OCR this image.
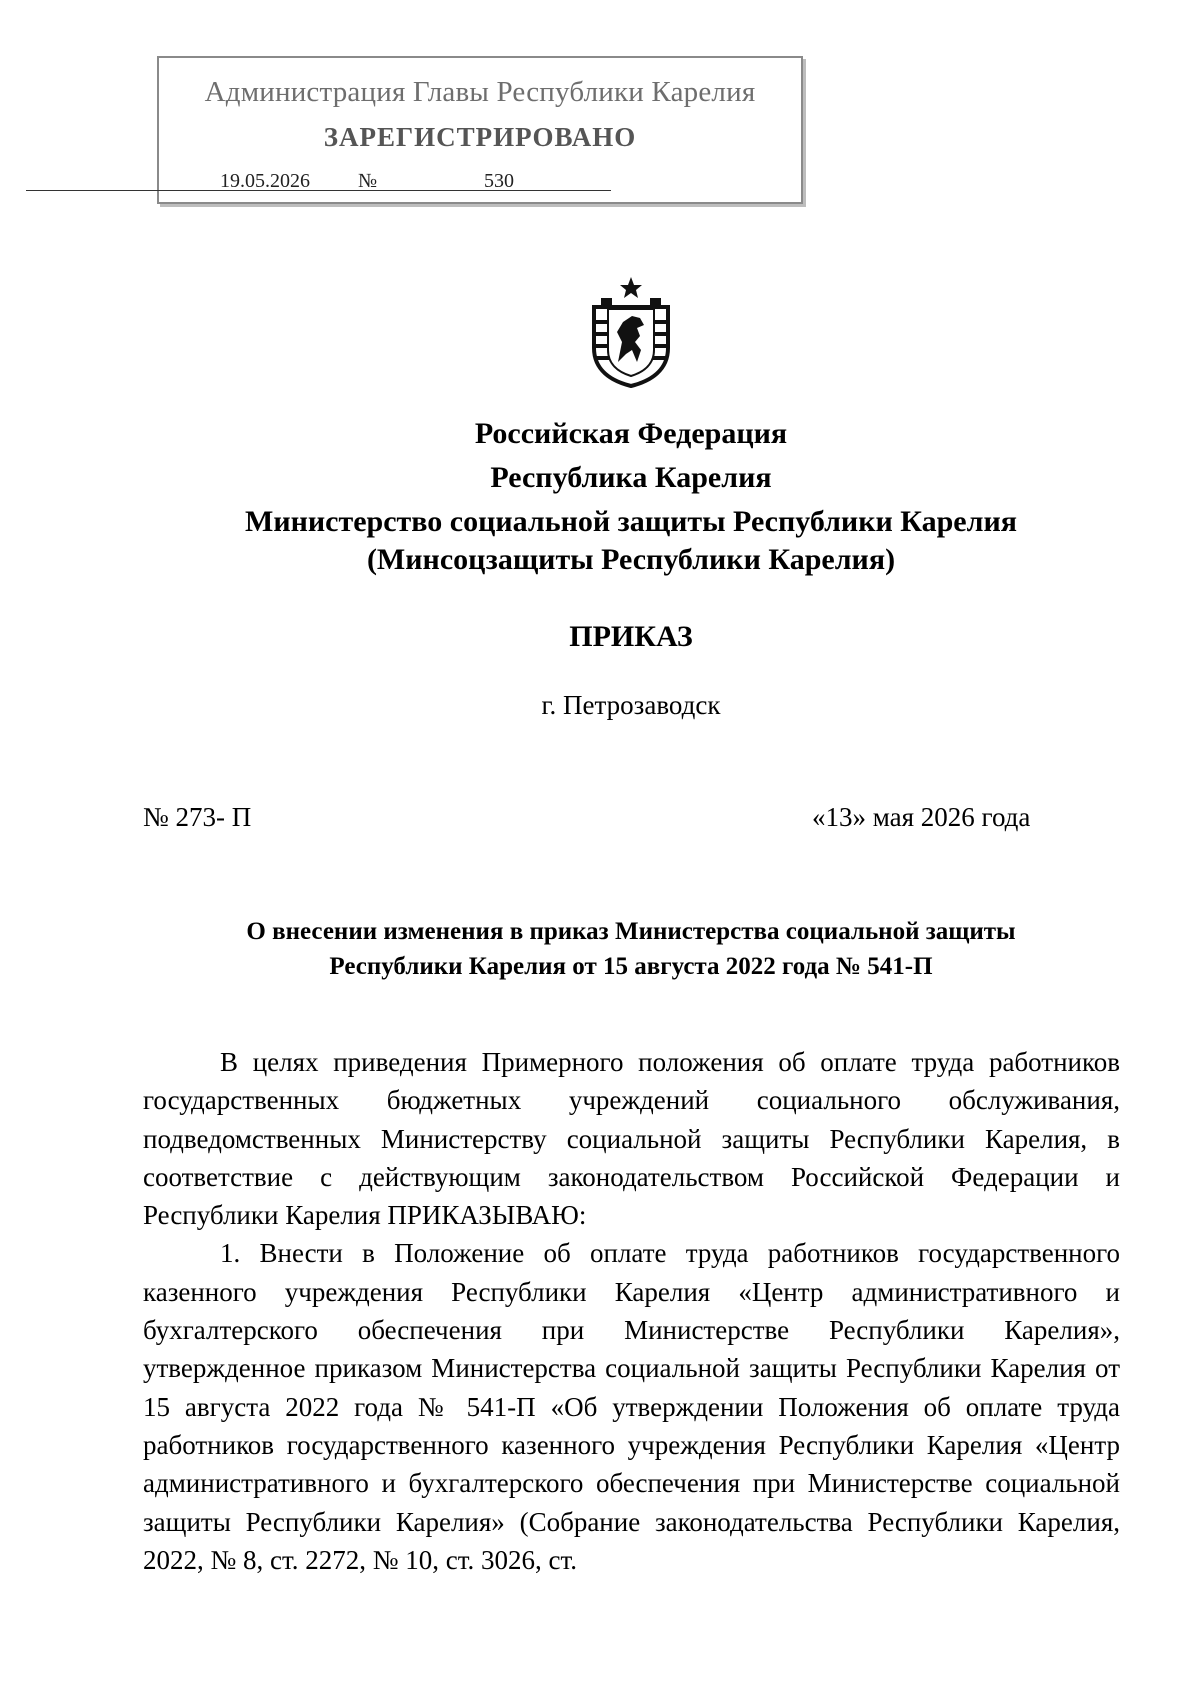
Администрация Главы Республики Карелия
ЗАРЕГИСТРИРОВАНО
19.05.2026 №	530
Российская Федерация
Республика Карелия
Министерство социальной защиты Республики Карелия
(Минсоцзащиты Республики Карелия)
ПРИКАЗ
г. Петрозаводск
№ 273- П	«13» мая 2026 года
О внесении изменения в приказ Министерства социальной защиты
Республики Карелия от 15 августа 2022 года № 541-П

В целях приведения Примерного положения об оплате труда работников государственных бюджетных учреждений социального обслуживания, подведомственных Министерству социальной защиты Республики Карелия, в соответствие с действующим законодательством Российской Федерации и Республики Карелия ПРИКАЗЫВАЮ:

1. Внести в Положение об оплате труда работников государственного казенного учреждения Республики Карелия «Центр административного и бухгалтерского обеспечения при Министерстве Республики Карелия», утвержденное приказом Министерства социальной защиты Республики Карелия от 15 августа 2022 года № 541-П «Об утверждении Положения об оплате труда работников государственного казенного учреждения Республики Карелия «Центр административного и бухгалтерского обеспечения при Министерстве социальной защиты Республики Карелия» (Собрание законодательства Республики Карелия, 2022, № 8, ст. 2272, № 10, ст. 3026, ст.
